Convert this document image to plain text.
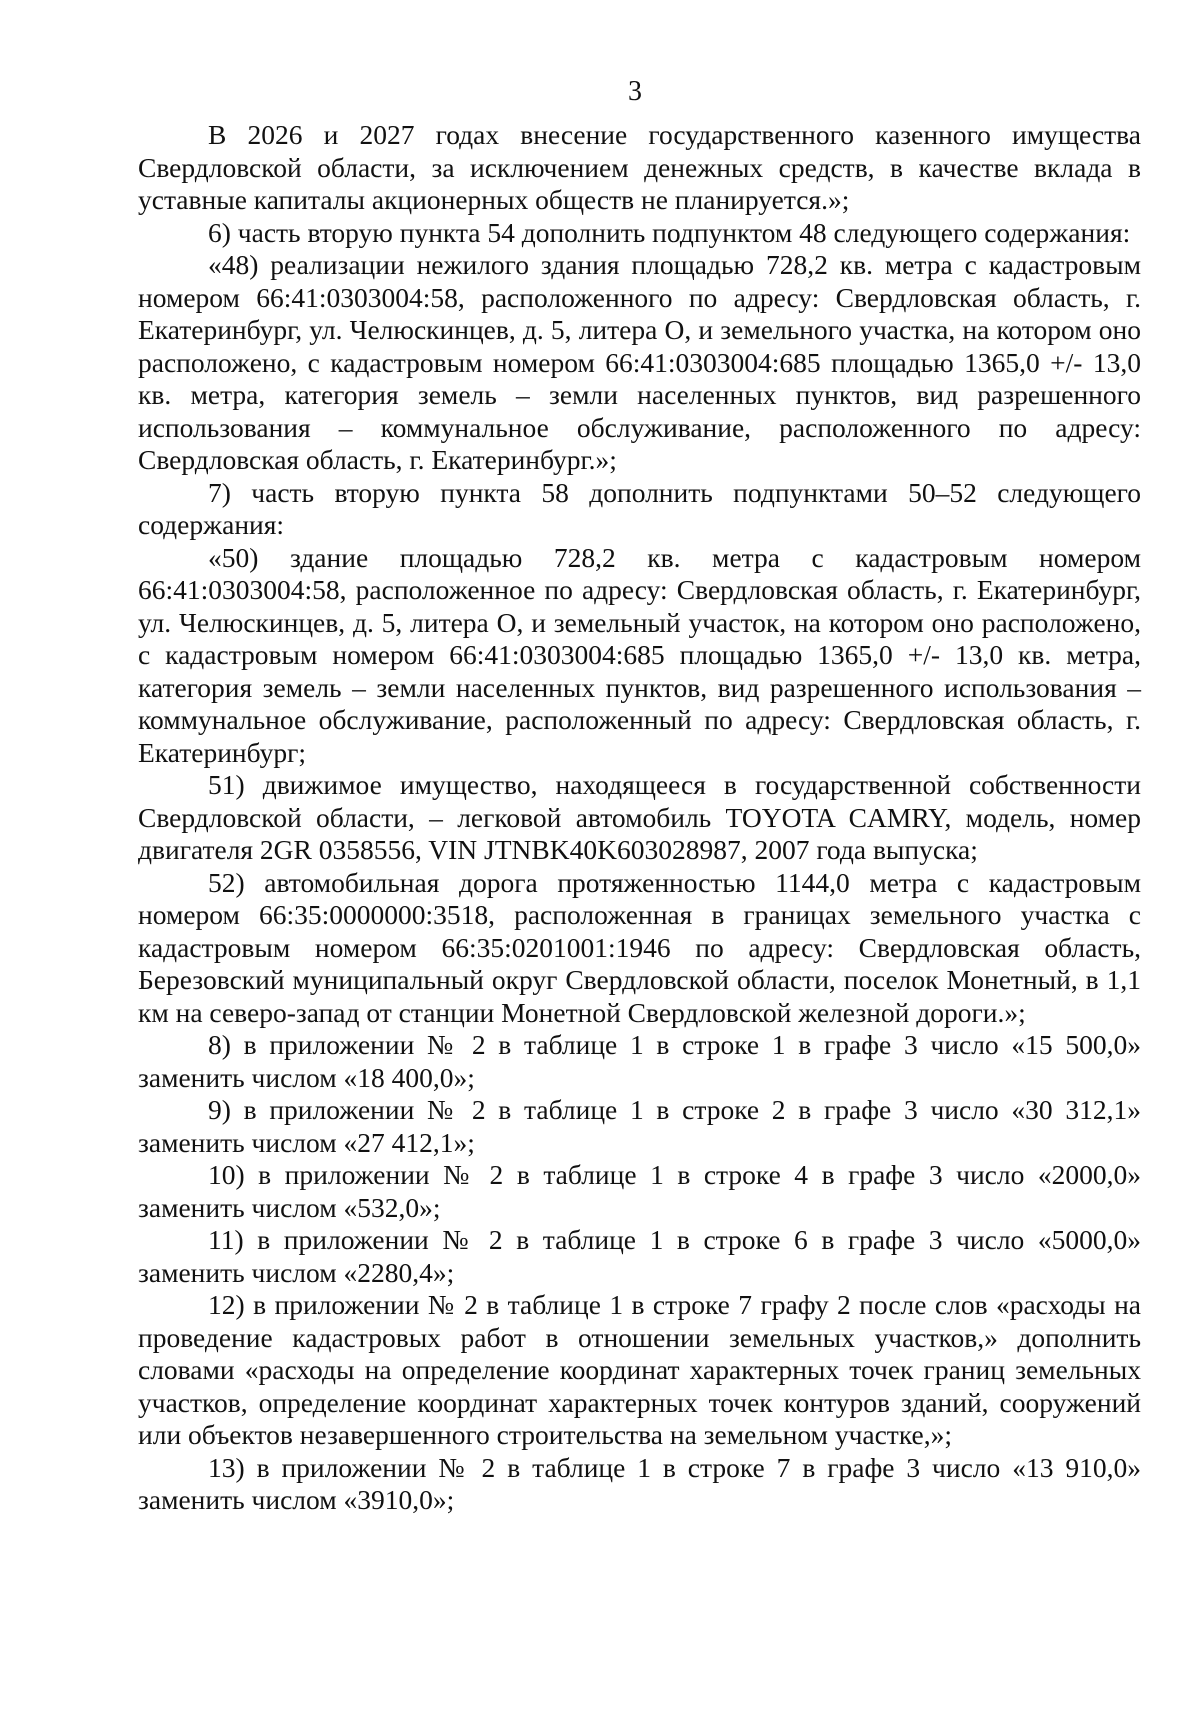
3

В 2026 и 2027 годах внесение государственного казенного имущества Свердловской области, за исключением денежных средств, в качестве вклада в уставные капиталы акционерных обществ не планируется.»;

6) часть вторую пункта 54 дополнить подпунктом 48 следующего содержания:

«48) реализации нежилого здания площадью 728,2 кв. метра с кадастровым номером 66:41:0303004:58, расположенного по адресу: Свердловская область, г. Екатеринбург, ул. Челюскинцев, д. 5, литера О, и земельного участка, на котором оно расположено, с кадастровым номером 66:41:0303004:685 площадью 1365,0 +/- 13,0 кв. метра, категория земель – земли населенных пунктов, вид разрешенного использования – коммунальное обслуживание, расположенного по адресу: Свердловская область, г. Екатеринбург.»;

7) часть вторую пункта 58 дополнить подпунктами 50–52 следующего содержания:

«50) здание площадью 728,2 кв. метра с кадастровым номером 66:41:0303004:58, расположенное по адресу: Свердловская область, г. Екатеринбург, ул. Челюскинцев, д. 5, литера О, и земельный участок, на котором оно расположено, с кадастровым номером 66:41:0303004:685 площадью 1365,0 +/- 13,0 кв. метра, категория земель – земли населенных пунктов, вид разрешенного использования – коммунальное обслуживание, расположенный по адресу: Свердловская область, г. Екатеринбург;

51) движимое имущество, находящееся в государственной собственности Свердловской области, – легковой автомобиль TOYOTA CAMRY, модель, номер двигателя 2GR 0358556, VIN JTNBK40K603028987, 2007 года выпуска;

52) автомобильная дорога протяженностью 1144,0 метра с кадастровым номером 66:35:0000000:3518, расположенная в границах земельного участка с кадастровым номером 66:35:0201001:1946 по адресу: Свердловская область, Березовский муниципальный округ Свердловской области, поселок Монетный, в 1,1 км на северо-запад от станции Монетной Свердловской железной дороги.»;

8) в приложении № 2 в таблице 1 в строке 1 в графе 3 число «15 500,0» заменить числом «18 400,0»;

9) в приложении № 2 в таблице 1 в строке 2 в графе 3 число «30 312,1» заменить числом «27 412,1»;

10) в приложении № 2 в таблице 1 в строке 4 в графе 3 число «2000,0» заменить числом «532,0»;

11) в приложении № 2 в таблице 1 в строке 6 в графе 3 число «5000,0» заменить числом «2280,4»;

12) в приложении № 2 в таблице 1 в строке 7 графу 2 после слов «расходы на проведение кадастровых работ в отношении земельных участков,» дополнить словами «расходы на определение координат характерных точек границ земельных участков, определение координат характерных точек контуров зданий, сооружений или объектов незавершенного строительства на земельном участке,»;

13) в приложении № 2 в таблице 1 в строке 7 в графе 3 число «13 910,0» заменить числом «3910,0»;
